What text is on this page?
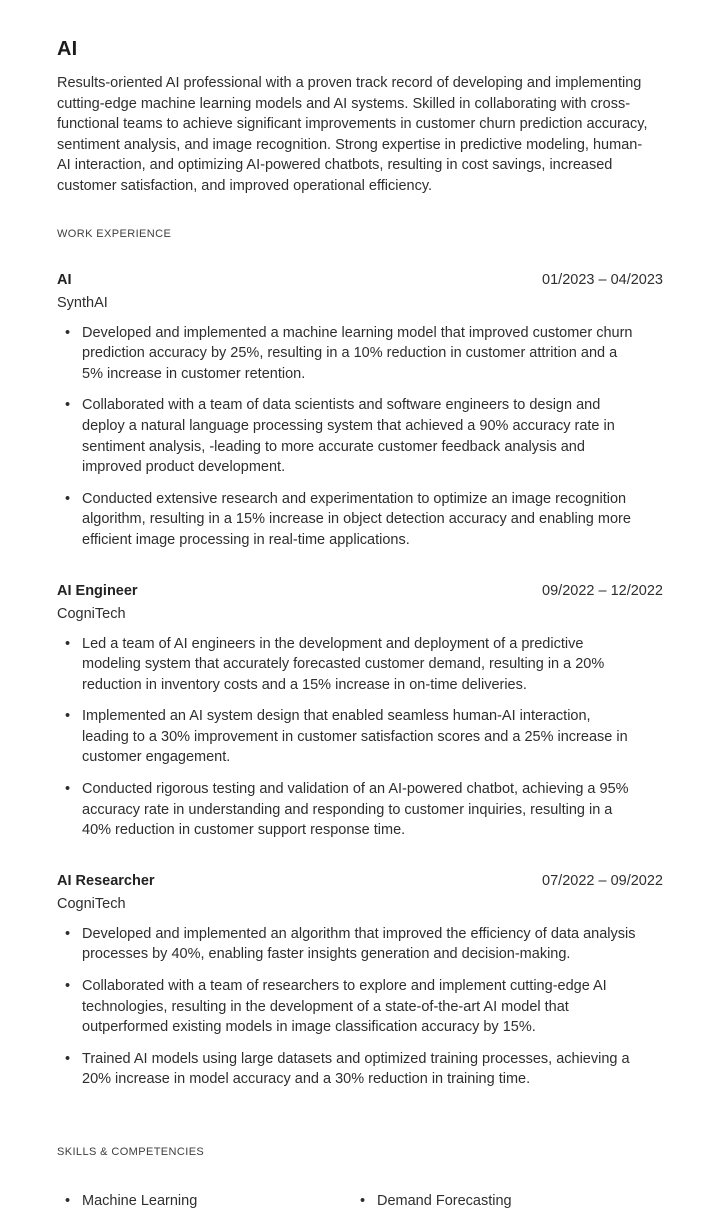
AI

Results-oriented AI professional with a proven track record of developing and implementing cutting-edge machine learning models and AI systems. Skilled in collaborating with cross-functional teams to achieve significant improvements in customer churn prediction accuracy, sentiment analysis, and image recognition. Strong expertise in predictive modeling, human-AI interaction, and optimizing AI-powered chatbots, resulting in cost savings, increased customer satisfaction, and improved operational efficiency.

WORK EXPERIENCE
AI	01/2023 – 04/2023
SynthAI
• Developed and implemented a machine learning model that improved customer churn prediction accuracy by 25%, resulting in a 10% reduction in customer attrition and a 5% increase in customer retention.
• Collaborated with a team of data scientists and software engineers to design and deploy a natural language processing system that achieved a 90% accuracy rate in sentiment analysis, -leading to more accurate customer feedback analysis and improved product development.
• Conducted extensive research and experimentation to optimize an image recognition algorithm, resulting in a 15% increase in object detection accuracy and enabling more efficient image processing in real-time applications.
AI Engineer	09/2022 – 12/2022
CogniTech
• Led a team of AI engineers in the development and deployment of a predictive modeling system that accurately forecasted customer demand, resulting in a 20% reduction in inventory costs and a 15% increase in on-time deliveries.
• Implemented an AI system design that enabled seamless human-AI interaction, leading to a 30% improvement in customer satisfaction scores and a 25% increase in customer engagement.
• Conducted rigorous testing and validation of an AI-powered chatbot, achieving a 95% accuracy rate in understanding and responding to customer inquiries, resulting in a 40% reduction in customer support response time.
AI Researcher	07/2022 – 09/2022
CogniTech
• Developed and implemented an algorithm that improved the efficiency of data analysis processes by 40%, enabling faster insights generation and decision-making.
• Collaborated with a team of researchers to explore and implement cutting-edge AI technologies, resulting in the development of a state-of-the-art AI model that outperformed existing models in image classification accuracy by 15%.
• Trained AI models using large datasets and optimized training processes, achieving a 20% increase in model accuracy and a 30% reduction in training time.
SKILLS & COMPETENCIES
• Machine Learning	• Demand Forecasting
